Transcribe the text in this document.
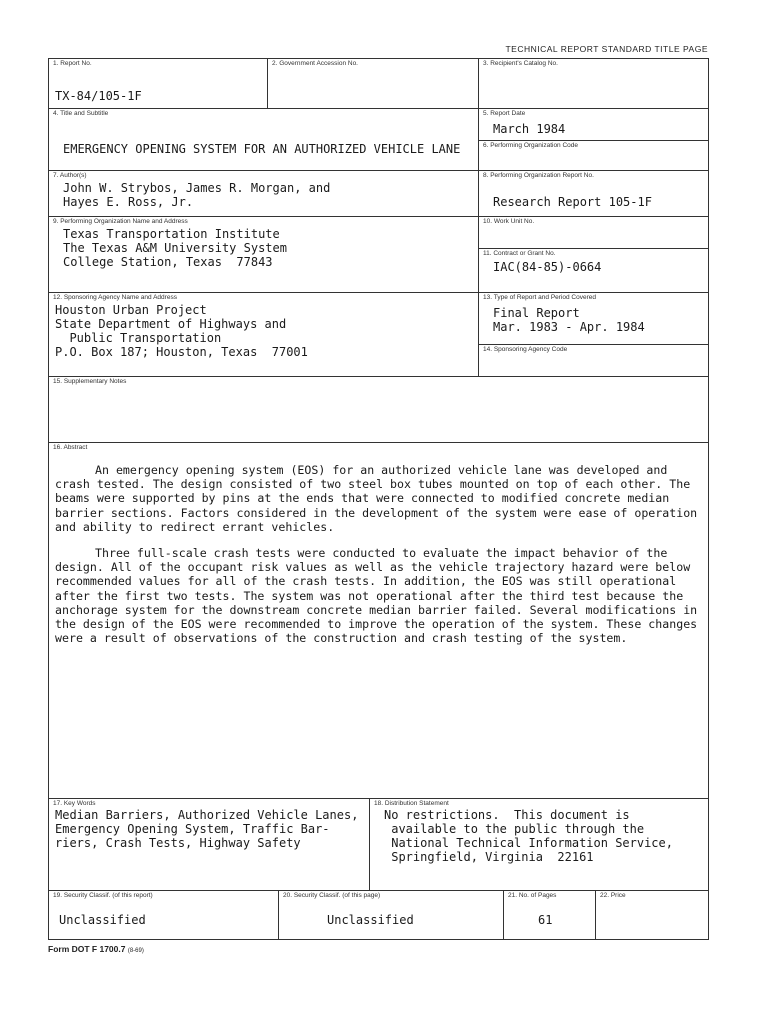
TECHNICAL REPORT STANDARD TITLE PAGE
1. Report No.
TX-84/105-1F
2. Government Accession No.	3. Recipient's Catalog No.
4. Title and Subtitle
EMERGENCY OPENING SYSTEM FOR AN AUTHORIZED VEHICLE LANE
5. Report Date
March 1984
6. Performing Organization Code
7. Author(s)
John W. Strybos, James R. Morgan, and
Hayes E. Ross, Jr.
8. Performing Organization Report No.
Research Report 105-1F
9. Performing Organization Name and Address
Texas Transportation Institute
The Texas A&M University System
College Station, Texas  77843
10. Work Unit No.
11. Contract or Grant No.
IAC(84-85)-0664
12. Sponsoring Agency Name and Address
Houston Urban Project
State Department of Highways and
Public Transportation
P.O. Box 187; Houston, Texas  77001
13. Type of Report and Period Covered
Final Report
Mar. 1983 - Apr. 1984
14. Sponsoring Agency Code
15. Supplementary Notes
16. Abstract

An emergency opening system (EOS) for an authorized vehicle lane was developed and crash tested. The design consisted of two steel box tubes mounted on top of each other. The beams were supported by pins at the ends that were connected to modified concrete median barrier sections. Factors considered in the development of the system were ease of operation and ability to redirect errant vehicles.

Three full-scale crash tests were conducted to evaluate the impact behavior of the design. All of the occupant risk values as well as the vehicle trajectory hazard were below recommended values for all of the crash tests. In addition, the EOS was still operational after the first two tests. The system was not operational after the third test because the anchorage system for the downstream concrete median barrier failed. Several modifications in the design of the EOS were recommended to improve the operation of the system. These changes were a result of observations of the construction and crash testing of the system.

17. Key Words
Median Barriers, Authorized Vehicle Lanes,
Emergency Opening System, Traffic Bar-
riers, Crash Tests, Highway Safety
18. Distribution Statement
No restrictions.  This document is
available to the public through the
National Technical Information Service,
Springfield, Virginia  22161
19. Security Classif. (of this report)
Unclassified
20. Security Classif. (of this page)
Unclassified
21. No. of Pages
61
22. Price
Form DOT F 1700.7 (8-69)
